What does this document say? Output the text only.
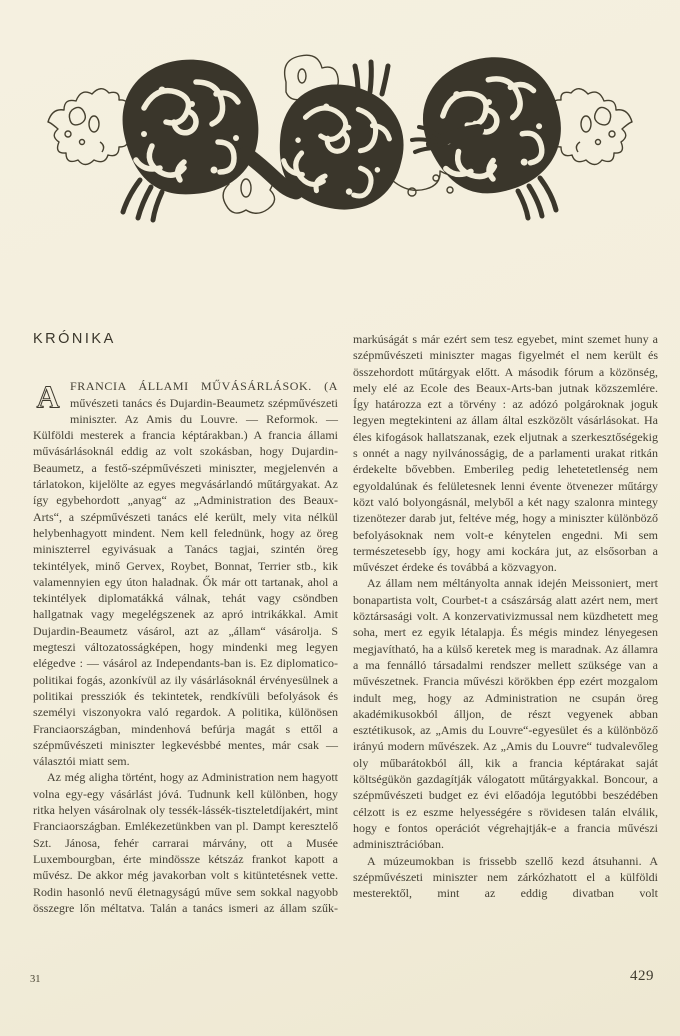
KRÓNIKA

A FRANCIA ÁLLAMI MŰVÁSÁRLÁSOK. (A művészeti tanács és Dujardin-Beaumetz szépművészeti miniszter. Az Amis du Louvre. — Reformok. — Külföldi mesterek a francia képtárakban.) A francia állami művásárlásoknál eddig az volt szokásban, hogy Dujardin-Beaumetz, a festő-szépművészeti miniszter, megjelenvén a tárlatokon, kijelölte az egyes megvásárlandó műtárgyakat. Az így egybehordott „anyag“ az „Administration des Beaux-Arts“, a szépművészeti tanács elé került, mely vita nélkül helybenhagyott mindent. Nem kell felednünk, hogy az öreg miniszterrel egyivásuak a Tanács tagjai, szintén öreg tekintélyek, minő Gervex, Roybet, Bonnat, Terrier stb., kik valamennyien egy úton haladnak. Ők már ott tartanak, ahol a tekintélyek diplomatákká válnak, tehát vagy csöndben hallgatnak vagy megelégszenek az apró intrikákkal. Amit Dujardin-Beaumetz vásárol, azt az „állam“ vásárolja. S megteszi változatosságképen, hogy mindenki meg legyen elégedve : — vásárol az Independants-ban is. Ez diplomatico-politikai fogás, azonkívül az ily vásárlásoknál érvényesülnek a politikai pressziók és tekintetek, rendkívüli befolyások és személyi viszonyokra való regardok. A politika, különösen Franciaországban, mindenhová befúrja magát s ettől a szépművészeti miniszter legkevésbbé mentes, már csak — választói miatt sem.

Az még aligha történt, hogy az Administration nem hagyott volna egy-egy vásárlást jóvá. Tudnunk kell különben, hogy ritka helyen vásárolnak oly tessék-lássék-tiszteletdíjakért, mint Franciaországban. Emlékezetünkben van pl. Dampt keresztelő Szt. Jánosa, fehér carrarai márvány, ott a Musée Luxembourgban, érte mindössze kétszáz frankot kapott a művész. De akkor még javakorban volt s kitüntetésnek vette. Rodin hasonló nevű életnagyságú műve sem sokkal nagyobb összegre lőn méltatva. Talán a tanács ismeri az állam szűk-

markúságát s már ezért sem tesz egyebet, mint szemet huny a szépművészeti miniszter magas figyelmét el nem került és összehordott műtárgyak előtt. A második fórum a közönség, mely elé az Ecole des Beaux-Arts-ban jutnak közszemlére. Így határozza ezt a törvény : az adózó polgároknak joguk legyen megtekinteni az állam által eszközölt vásárlásokat. Ha éles kifogások hallatszanak, ezek eljutnak a szerkesztőségekig s onnét a nagy nyilvánosságig, de a parlamenti urakat ritkán érdekelte bővebben. Emberileg pedig lehetetetlenség nem egyoldalúnak és felületesnek lenni évente ötvenezer műtárgy közt való bolyongásnál, melyből a két nagy szalonra mintegy tizenötezer darab jut, feltéve még, hogy a miniszter különböző befolyásoknak nem volt-e kénytelen engedni. Mi sem természetesebb így, hogy ami kockára jut, az elsősorban a művészet érdeke és továbbá a közvagyon.

Az állam nem méltányolta annak idején Meissoniert, mert bonapartista volt, Courbet-t a császárság alatt azért nem, mert köztársasági volt. A konzervativizmussal nem küzdhetett meg soha, mert ez egyik létalapja. És mégis mindez lényegesen megjavítható, ha a külső keretek meg is maradnak. Az államra a ma fennálló társadalmi rendszer mellett szüksége van a művészetnek. Francia művészi körökben épp ezért mozgalom indult meg, hogy az Administration ne csupán öreg akadémikusokból álljon, de részt vegyenek abban esztétikusok, az „Amis du Louvre“-egyesület és a különböző irányú modern művészek. Az „Amis du Louvre“ tudvalevőleg oly műbarátokból áll, kik a francia képtárakat saját költségükön gazdagítják válogatott műtárgyakkal. Boncour, a szépművészeti budget ez évi előadója legutóbbi beszédében célzott is ez eszme helyességére s rövidesen talán elválik, hogy e fontos operációt végrehajtják-e a francia művészi adminisztrációban.

A múzeumokban is frissebb szellő kezd átsuhanni. A szépművészeti miniszter nem zárkózhatott el a külföldi mesterektől, mint az eddig divatban volt

31	429
